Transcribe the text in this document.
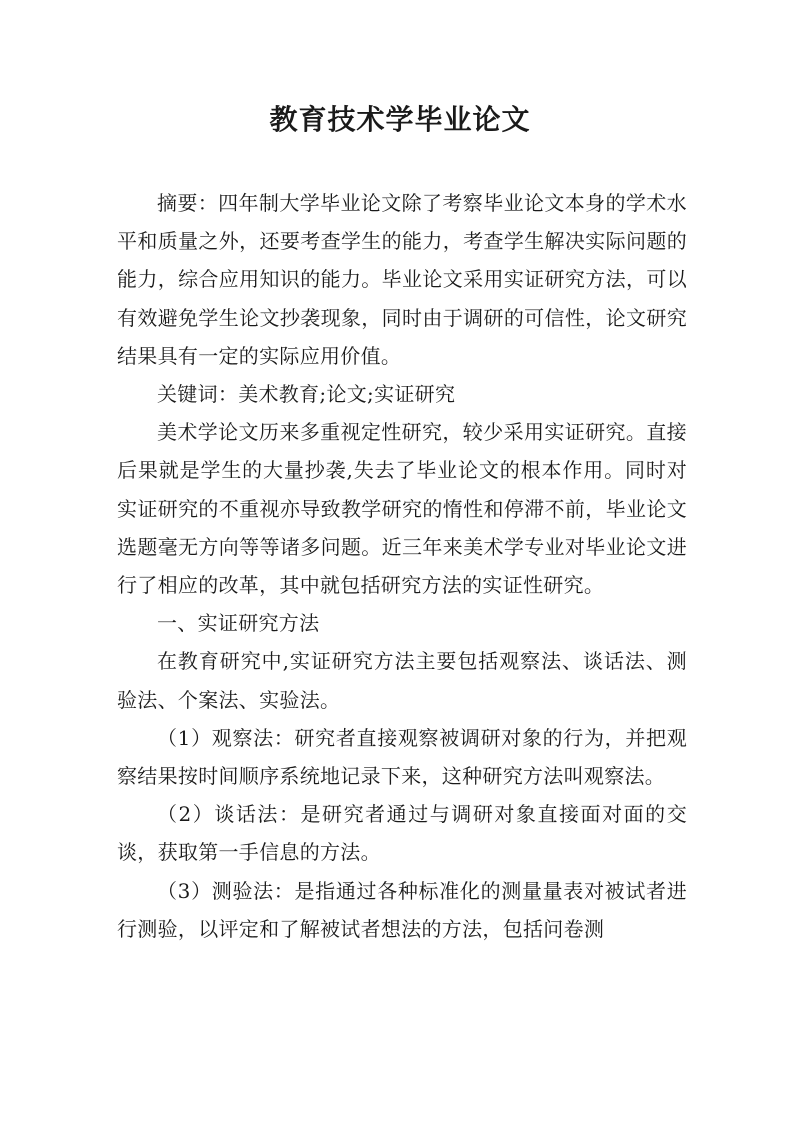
教育技术学毕业论文

摘要：四年制大学毕业论文除了考察毕业论文本身的学术水平和质量之外，还要考查学生的能力，考查学生解决实际问题的能力，综合应用知识的能力。毕业论文采用实证研究方法，可以有效避免学生论文抄袭现象，同时由于调研的可信性，论文研究结果具有一定的实际应用价值。

关键词：美术教育;论文;实证研究

美术学论文历来多重视定性研究，较少采用实证研究。直接后果就是学生的大量抄袭,失去了毕业论文的根本作用。同时对实证研究的不重视亦导致教学研究的惰性和停滞不前，毕业论文选题毫无方向等等诸多问题。近三年来美术学专业对毕业论文进行了相应的改革，其中就包括研究方法的实证性研究。

一、实证研究方法

在教育研究中,实证研究方法主要包括观察法、谈话法、测验法、个案法、实验法。

（1）观察法：研究者直接观察被调研对象的行为，并把观察结果按时间顺序系统地记录下来，这种研究方法叫观察法。

（2）谈话法：是研究者通过与调研对象直接面对面的交谈，获取第一手信息的方法。

（3）测验法：是指通过各种标准化的测量量表对被试者进行测验，以评定和了解被试者想法的方法，包括问卷测
